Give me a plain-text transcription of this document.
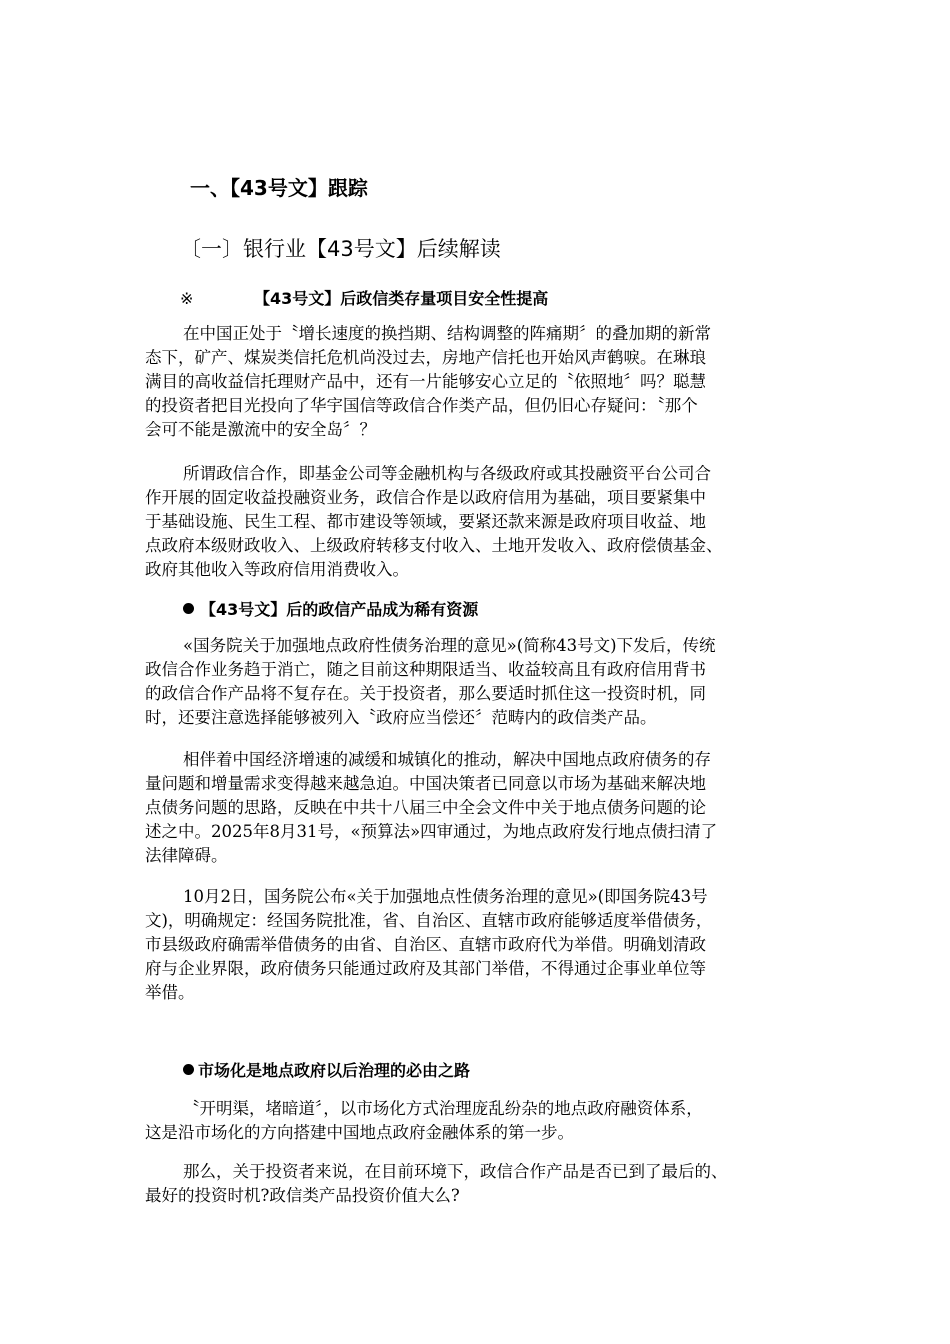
一、【43号文】跟踪
〔一〕银行业【43号文】后续解读
※	【43号文】后政信类存量项目安全性提高
在中国正处于〝增长速度的换挡期、结构调整的阵痛期〞的叠加期的新常
态下，矿产、煤炭类信托危机尚没过去，房地产信托也开始风声鹤唳。在琳琅
满目的高收益信托理财产品中，还有一片能够安心立足的〝依照地〞吗？聪慧
的投资者把目光投向了华宇国信等政信合作类产品，但仍旧心存疑问：〝那个
会可不能是激流中的安全岛〞？
所谓政信合作，即基金公司等金融机构与各级政府或其投融资平台公司合
作开展的固定收益投融资业务，政信合作是以政府信用为基础，项目要紧集中
于基础设施、民生工程、都市建设等领域，要紧还款来源是政府项目收益、地
点政府本级财政收入、上级政府转移支付收入、土地开发收入、政府偿债基金、
政府其他收入等政府信用消费收入。
【43号文】后的政信产品成为稀有资源
«国务院关于加强地点政府性债务治理的意见»(简称43号文)下发后，传统
政信合作业务趋于消亡，随之目前这种期限适当、收益较高且有政府信用背书
的政信合作产品将不复存在。关于投资者，那么要适时抓住这一投资时机，同
时，还要注意选择能够被列入〝政府应当偿还〞范畴内的政信类产品。
相伴着中国经济增速的减缓和城镇化的推动，解决中国地点政府债务的存
量问题和增量需求变得越来越急迫。中国决策者已同意以市场为基础来解决地
点债务问题的思路，反映在中共十八届三中全会文件中关于地点债务问题的论
述之中。2025年8月31号，«预算法»四审通过，为地点政府发行地点债扫清了
法律障碍。
10月2日，国务院公布«关于加强地点性债务治理的意见»(即国务院43号
文)，明确规定：经国务院批准，省、自治区、直辖市政府能够适度举借债务，
市县级政府确需举借债务的由省、自治区、直辖市政府代为举借。明确划清政
府与企业界限，政府债务只能通过政府及其部门举借，不得通过企事业单位等
举借。
市场化是地点政府以后治理的必由之路
〝开明渠，堵暗道〞，以市场化方式治理庞乱纷杂的地点政府融资体系，
这是沿市场化的方向搭建中国地点政府金融体系的第一步。
那么，关于投资者来说，在目前环境下，政信合作产品是否已到了最后的、
最好的投资时机?政信类产品投资价值大么?
